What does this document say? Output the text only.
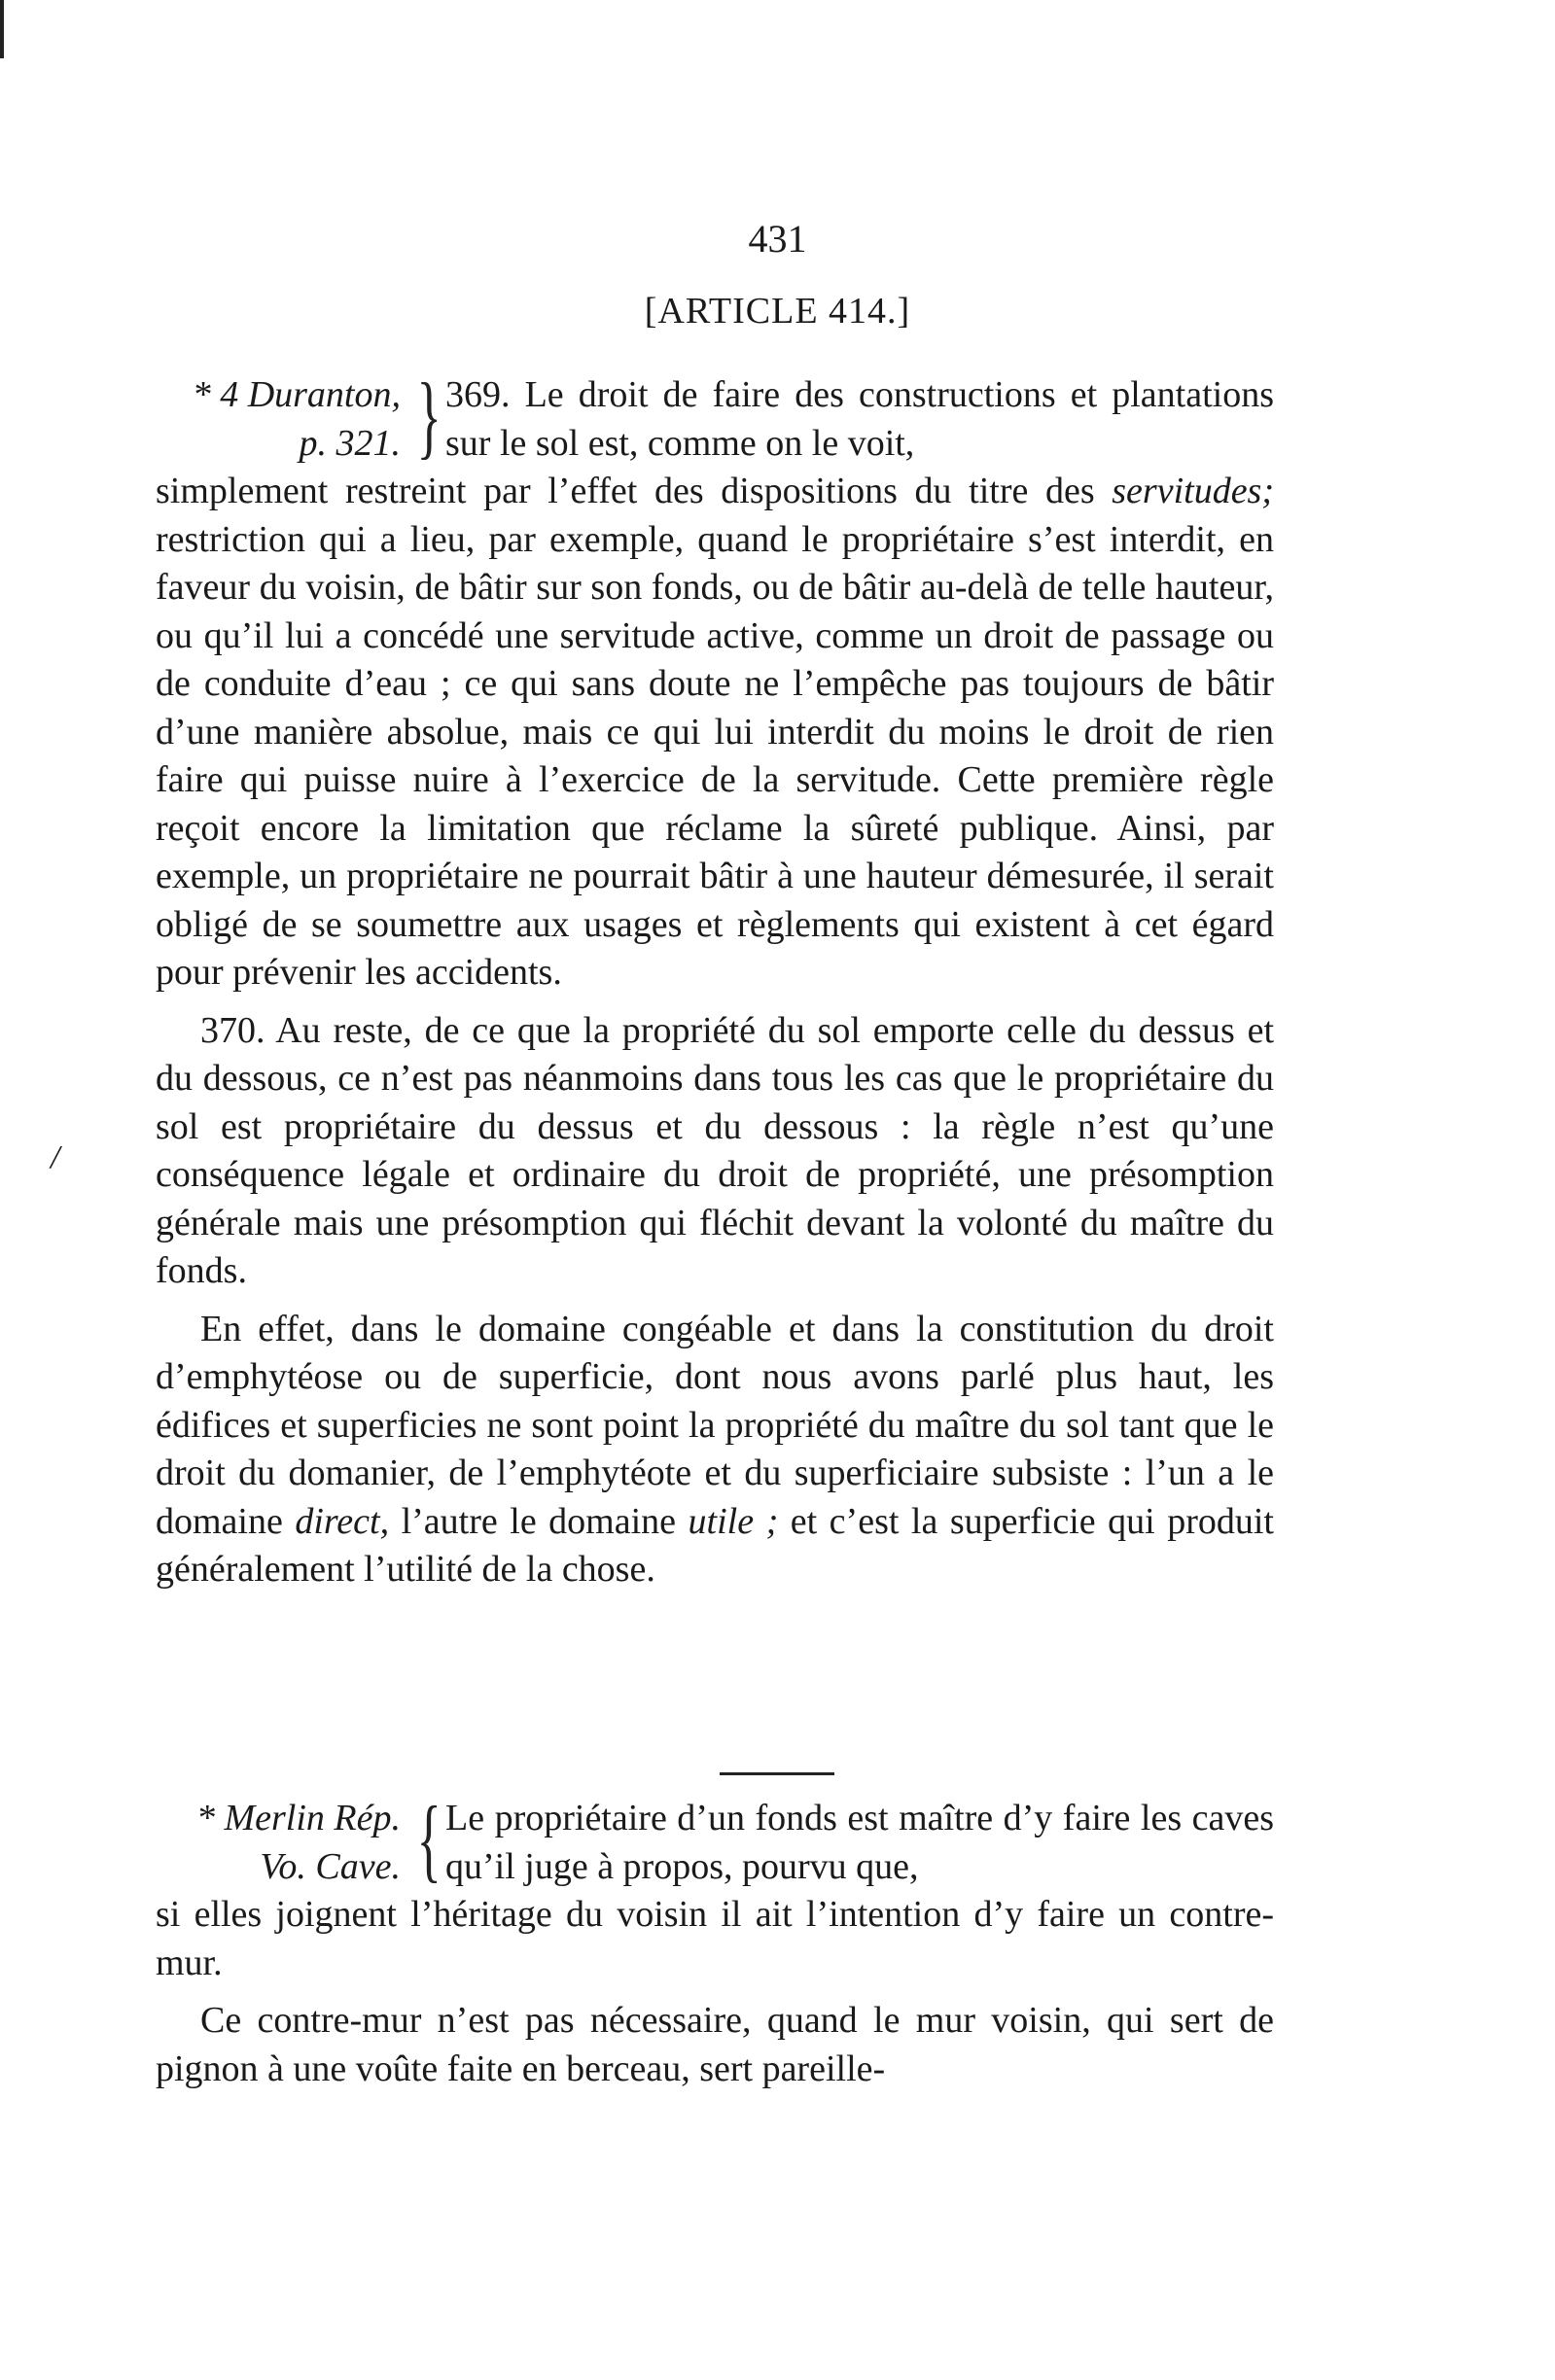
431
[ARTICLE 414.]
/
* 4 Duranton,
p. 321. } 369. Le droit de faire des constructions et plantations sur le sol est, comme on le voit,

simplement restreint par l’effet des dispositions du titre des servitudes; restriction qui a lieu, par exemple, quand le propriétaire s’est interdit, en faveur du voisin, de bâtir sur son fonds, ou de bâtir au-delà de telle hauteur, ou qu’il lui a concédé une servitude active, comme un droit de passage ou de conduite d’eau ; ce qui sans doute ne l’empêche pas toujours de bâtir d’une manière absolue, mais ce qui lui interdit du moins le droit de rien faire qui puisse nuire à l’exercice de la servitude. Cette première règle reçoit encore la limitation que réclame la sûreté publique. Ainsi, par exemple, un propriétaire ne pourrait bâtir à une hauteur démesurée, il serait obligé de se soumettre aux usages et règlements qui existent à cet égard pour prévenir les accidents.

370. Au reste, de ce que la propriété du sol emporte celle du dessus et du dessous, ce n’est pas néanmoins dans tous les cas que le propriétaire du sol est propriétaire du dessus et du dessous : la règle n’est qu’une conséquence légale et ordinaire du droit de propriété, une présomption générale mais une présomption qui fléchit devant la volonté du maître du fonds.

En effet, dans le domaine congéable et dans la constitution du droit d’emphytéose ou de superficie, dont nous avons parlé plus haut, les édifices et superficies ne sont point la propriété du maître du sol tant que le droit du domanier, de l’emphytéote et du superficiaire subsiste : l’un a le domaine direct, l’autre le domaine utile ; et c’est la superficie qui produit généralement l’utilité de la chose.

* Merlin Rép.
Vo. Cave. { Le propriétaire d’un fonds est maître d’y faire les caves qu’il juge à propos, pourvu que,

si elles joignent l’héritage du voisin il ait l’intention d’y faire un contre-mur.

Ce contre-mur n’est pas nécessaire, quand le mur voisin, qui sert de pignon à une voûte faite en berceau, sert pareille-
